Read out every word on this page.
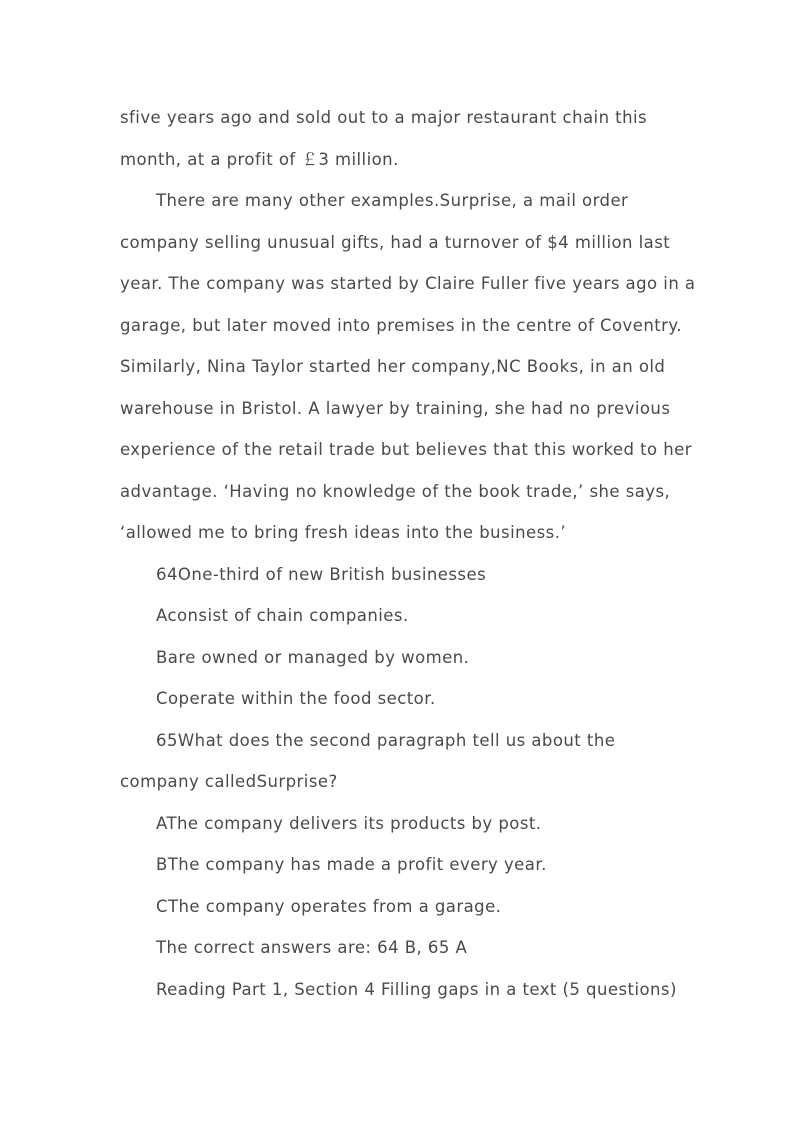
sfive years ago and sold out to a major restaurant chain this

month, at a profit of ￡3 million.

There are many other examples.Surprise, a mail order

company selling unusual gifts, had a turnover of $4 million last

year. The company was started by Claire Fuller five years ago in a

garage, but later moved into premises in the centre of Coventry.

Similarly, Nina Taylor started her company,NC Books, in an old

warehouse in Bristol. A lawyer by training, she had no previous

experience of the retail trade but believes that this worked to her

advantage. ‘Having no knowledge of the book trade,’ she says,

‘allowed me to bring fresh ideas into the business.’

64One-third of new British businesses

Aconsist of chain companies.

Bare owned or managed by women.

Coperate within the food sector.

65What does the second paragraph tell us about the

company calledSurprise?

AThe company delivers its products by post.

BThe company has made a profit every year.

CThe company operates from a garage.

The correct answers are: 64 B, 65 A

Reading Part 1, Section 4 Filling gaps in a text (5 questions)
